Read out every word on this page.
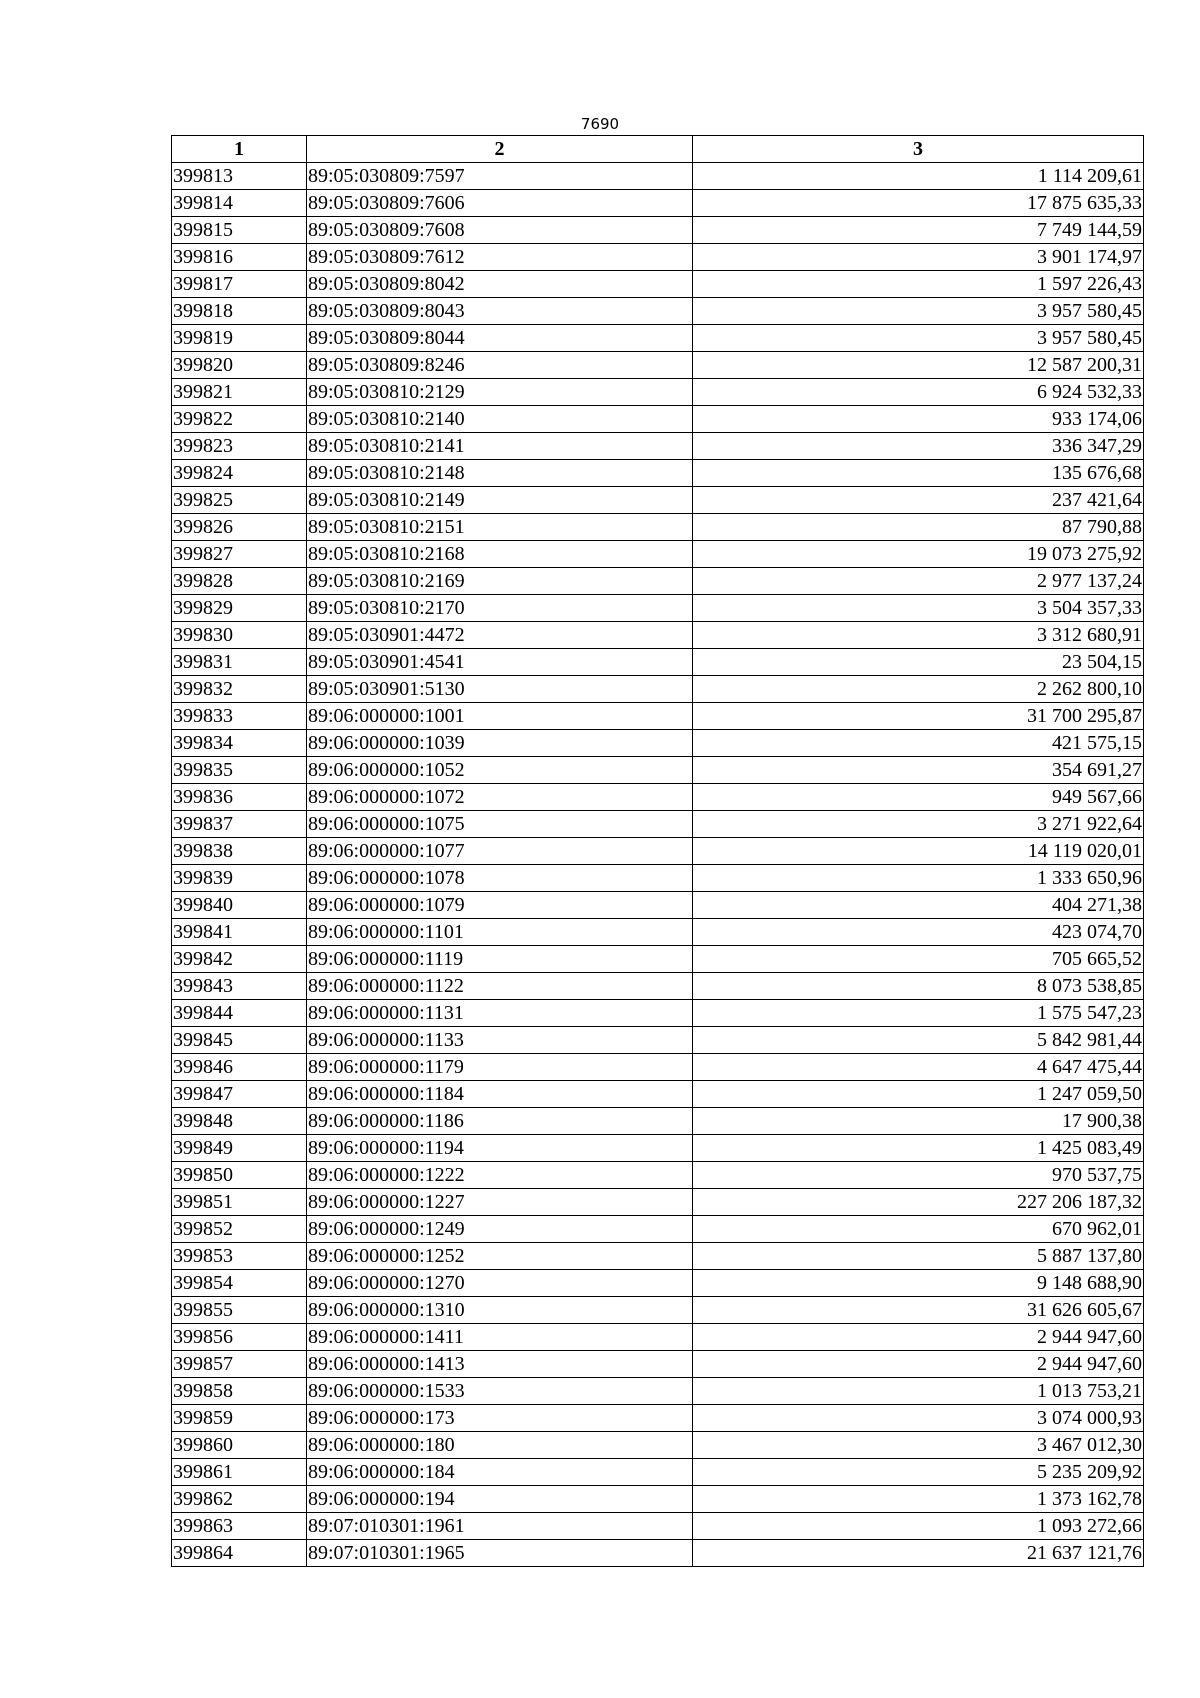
7690
1	2	3
399813	89:05:030809:7597	1 114 209,61
399814	89:05:030809:7606	17 875 635,33
399815	89:05:030809:7608	7 749 144,59
399816	89:05:030809:7612	3 901 174,97
399817	89:05:030809:8042	1 597 226,43
399818	89:05:030809:8043	3 957 580,45
399819	89:05:030809:8044	3 957 580,45
399820	89:05:030809:8246	12 587 200,31
399821	89:05:030810:2129	6 924 532,33
399822	89:05:030810:2140	933 174,06
399823	89:05:030810:2141	336 347,29
399824	89:05:030810:2148	135 676,68
399825	89:05:030810:2149	237 421,64
399826	89:05:030810:2151	87 790,88
399827	89:05:030810:2168	19 073 275,92
399828	89:05:030810:2169	2 977 137,24
399829	89:05:030810:2170	3 504 357,33
399830	89:05:030901:4472	3 312 680,91
399831	89:05:030901:4541	23 504,15
399832	89:05:030901:5130	2 262 800,10
399833	89:06:000000:1001	31 700 295,87
399834	89:06:000000:1039	421 575,15
399835	89:06:000000:1052	354 691,27
399836	89:06:000000:1072	949 567,66
399837	89:06:000000:1075	3 271 922,64
399838	89:06:000000:1077	14 119 020,01
399839	89:06:000000:1078	1 333 650,96
399840	89:06:000000:1079	404 271,38
399841	89:06:000000:1101	423 074,70
399842	89:06:000000:1119	705 665,52
399843	89:06:000000:1122	8 073 538,85
399844	89:06:000000:1131	1 575 547,23
399845	89:06:000000:1133	5 842 981,44
399846	89:06:000000:1179	4 647 475,44
399847	89:06:000000:1184	1 247 059,50
399848	89:06:000000:1186	17 900,38
399849	89:06:000000:1194	1 425 083,49
399850	89:06:000000:1222	970 537,75
399851	89:06:000000:1227	227 206 187,32
399852	89:06:000000:1249	670 962,01
399853	89:06:000000:1252	5 887 137,80
399854	89:06:000000:1270	9 148 688,90
399855	89:06:000000:1310	31 626 605,67
399856	89:06:000000:1411	2 944 947,60
399857	89:06:000000:1413	2 944 947,60
399858	89:06:000000:1533	1 013 753,21
399859	89:06:000000:173	3 074 000,93
399860	89:06:000000:180	3 467 012,30
399861	89:06:000000:184	5 235 209,92
399862	89:06:000000:194	1 373 162,78
399863	89:07:010301:1961	1 093 272,66
399864	89:07:010301:1965	21 637 121,76
